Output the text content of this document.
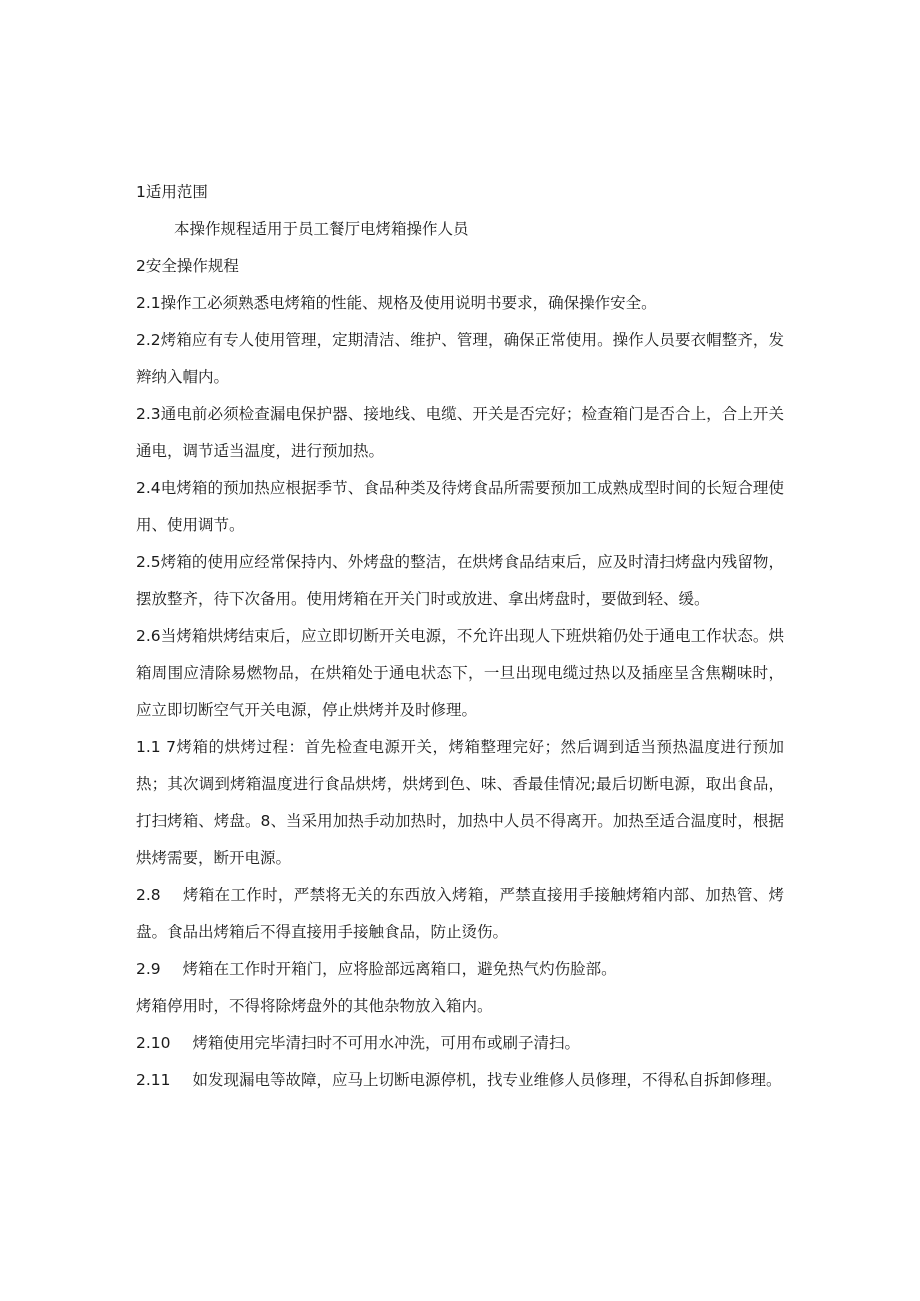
1适用范围

本操作规程适用于员工餐厅电烤箱操作人员

2安全操作规程

2.1操作工必须熟悉电烤箱的性能、规格及使用说明书要求，确保操作安全。

2.2烤箱应有专人使用管理，定期清洁、维护、管理，确保正常使用。操作人员要衣帽整齐，发辫纳入帽内。

2.3通电前必须检查漏电保护器、接地线、电缆、开关是否完好；检查箱门是否合上，合上开关通电，调节适当温度，进行预加热。

2.4电烤箱的预加热应根据季节、食品种类及待烤食品所需要预加工成熟成型时间的长短合理使用、使用调节。

2.5烤箱的使用应经常保持内、外烤盘的整洁，在烘烤食品结束后，应及时清扫烤盘内残留物，摆放整齐，待下次备用。使用烤箱在开关门时或放进、拿出烤盘时，要做到轻、缓。

2.6当烤箱烘烤结束后，应立即切断开关电源，不允许出现人下班烘箱仍处于通电工作状态。烘箱周围应清除易燃物品，在烘箱处于通电状态下，一旦出现电缆过热以及插座呈含焦糊味时，应立即切断空气开关电源，停止烘烤并及时修理。

1.1 7烤箱的烘烤过程：首先检查电源开关，烤箱整理完好；然后调到适当预热温度进行预加热；其次调到烤箱温度进行食品烘烤，烘烤到色、味、香最佳情况;最后切断电源，取出食品，打扫烤箱、烤盘。8、当采用加热手动加热时，加热中人员不得离开。加热至适合温度时，根据烘烤需要，断开电源。

2.8 烤箱在工作时，严禁将无关的东西放入烤箱，严禁直接用手接触烤箱内部、加热管、烤盘。食品出烤箱后不得直接用手接触食品，防止烫伤。

2.9 烤箱在工作时开箱门，应将脸部远离箱口，避免热气灼伤脸部。

烤箱停用时，不得将除烤盘外的其他杂物放入箱内。

2.10 烤箱使用完毕清扫时不可用水冲洗，可用布或刷子清扫。

2.11 如发现漏电等故障，应马上切断电源停机，找专业维修人员修理，不得私自拆卸修理。
